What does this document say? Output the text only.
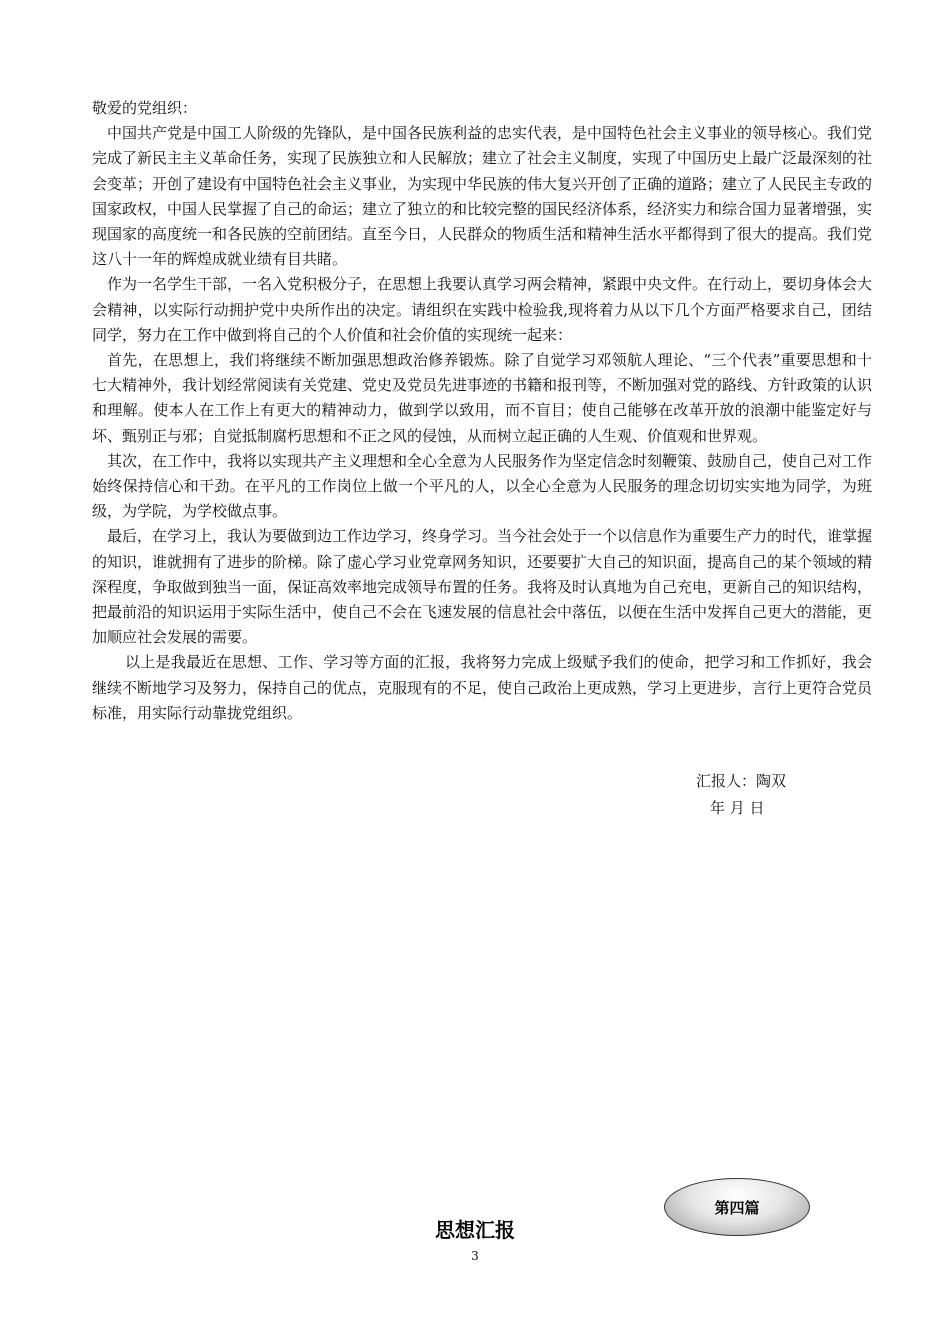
敬爱的党组织：

中国共产党是中国工人阶级的先锋队，是中国各民族利益的忠实代表，是中国特色社会主义事业的领导核心。我们党完成了新民主主义革命任务，实现了民族独立和人民解放；建立了社会主义制度，实现了中国历史上最广泛最深刻的社会变革；开创了建设有中国特色社会主义事业，为实现中华民族的伟大复兴开创了正确的道路；建立了人民民主专政的国家政权，中国人民掌握了自己的命运；建立了独立的和比较完整的国民经济体系，经济实力和综合国力显著增强，实现国家的高度统一和各民族的空前团结。直至今日，人民群众的物质生活和精神生活水平都得到了很大的提高。我们党这八十一年的辉煌成就业绩有目共睹。

作为一名学生干部，一名入党积极分子，在思想上我要认真学习两会精神，紧跟中央文件。在行动上，要切身体会大会精神，以实际行动拥护党中央所作出的决定。请组织在实践中检验我,现将着力从以下几个方面严格要求自己，团结同学，努力在工作中做到将自己的个人价值和社会价值的实现统一起来：

首先，在思想上，我们将继续不断加强思想政治修养锻炼。除了自觉学习邓领航人理论、“三个代表”重要思想和十七大精神外，我计划经常阅读有关党建、党史及党员先进事迹的书籍和报刊等，不断加强对党的路线、方针政策的认识和理解。使本人在工作上有更大的精神动力，做到学以致用，而不盲目；使自己能够在改革开放的浪潮中能鉴定好与坏、甄别正与邪；自觉抵制腐朽思想和不正之风的侵蚀，从而树立起正确的人生观、价值观和世界观。

其次，在工作中，我将以实现共产主义理想和全心全意为人民服务作为坚定信念时刻鞭策、鼓励自己，使自己对工作始终保持信心和干劲。在平凡的工作岗位上做一个平凡的人，以全心全意为人民服务的理念切切实实地为同学，为班级，为学院，为学校做点事。

最后，在学习上，我认为要做到边工作边学习，终身学习。当今社会处于一个以信息作为重要生产力的时代，谁掌握的知识，谁就拥有了进步的阶梯。除了虚心学习业党章网务知识，还要要扩大自己的知识面，提高自己的某个领域的精深程度，争取做到独当一面，保证高效率地完成领导布置的任务。我将及时认真地为自己充电，更新自己的知识结构，把最前沿的知识运用于实际生活中，使自己不会在飞速发展的信息社会中落伍，以便在生活中发挥自己更大的潜能，更加顺应社会发展的需要。

以上是我最近在思想、工作、学习等方面的汇报，我将努力完成上级赋予我们的使命，把学习和工作抓好，我会继续不断地学习及努力，保持自己的优点，克服现有的不足，使自己政治上更成熟，学习上更进步，言行上更符合党员标准，用实际行动靠拢党组织。

汇报人：陶双
年 月 日
第四篇
思想汇报
3
